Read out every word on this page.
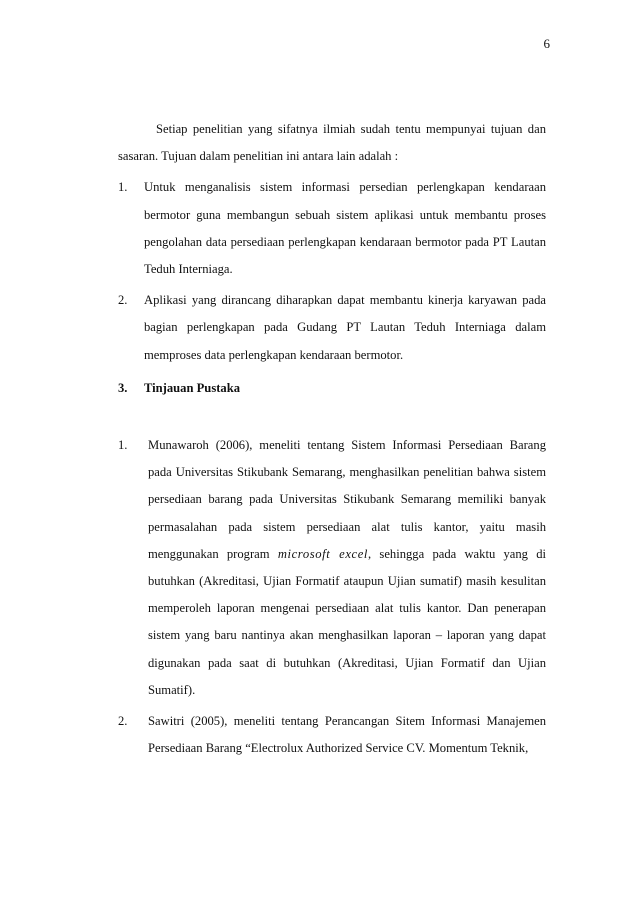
6

Setiap penelitian yang sifatnya ilmiah sudah tentu mempunyai tujuan dan sasaran. Tujuan dalam penelitian ini antara lain adalah :

1.	Untuk menganalisis sistem informasi persedian perlengkapan kendaraan bermotor guna membangun sebuah sistem aplikasi untuk membantu proses pengolahan data persediaan perlengkapan kendaraan bermotor pada PT Lautan Teduh Interniaga.
2.	Aplikasi yang dirancang diharapkan dapat membantu kinerja karyawan pada bagian perlengkapan pada Gudang PT Lautan Teduh Interniaga dalam memproses data perlengkapan kendaraan bermotor.
3.	Tinjauan Pustaka
1.	Munawaroh (2006), meneliti tentang Sistem Informasi Persediaan Barang pada Universitas Stikubank Semarang, menghasilkan penelitian bahwa sistem persediaan barang pada Universitas Stikubank Semarang memiliki banyak permasalahan pada sistem persediaan alat tulis kantor, yaitu masih menggunakan program microsoft excel, sehingga pada waktu yang di butuhkan (Akreditasi, Ujian Formatif ataupun Ujian sumatif) masih kesulitan memperoleh laporan mengenai persediaan alat tulis kantor. Dan penerapan sistem yang baru nantinya akan menghasilkan laporan – laporan yang dapat digunakan pada saat di butuhkan (Akreditasi, Ujian Formatif dan Ujian Sumatif).
2.	Sawitri (2005), meneliti tentang Perancangan Sitem Informasi Manajemen Persediaan Barang “Electrolux Authorized Service CV. Momentum Teknik,
